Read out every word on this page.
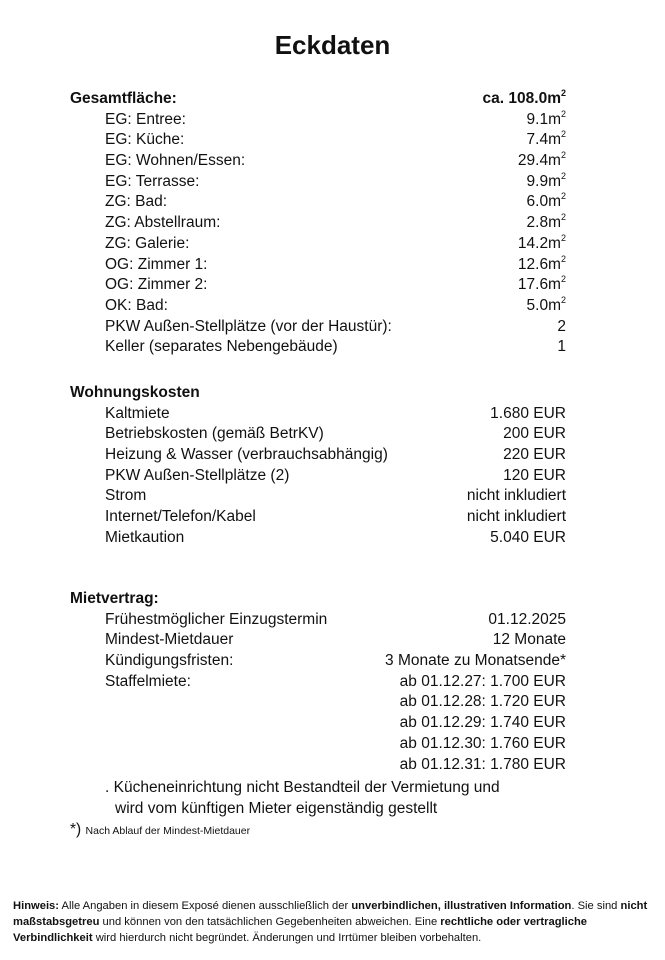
Eckdaten
Gesamtfläche:	ca. $108.0m^2$
EG: Entree:	$9.1m^2$
EG: Küche:	$7.4m^2$
EG: Wohnen/Essen:	$29.4m^2$
EG: Terrasse:	$9.9m^2$
ZG: Bad:	$6.0m^2$
ZG: Abstellraum:	$2.8m^2$
ZG: Galerie:	$14.2m^2$
OG: Zimmer 1:	$12.6m^2$
OG: Zimmer 2:	$17.6m^2$
OK: Bad:	$5.0m^2$
PKW Außen-Stellplätze (vor der Haustür):	2
Keller (separates Nebengebäude)	1
Wohnungskosten
Kaltmiete	1.680 EUR
Betriebskosten (gemäß BetrKV)	200 EUR
Heizung & Wasser (verbrauchsabhängig)	220 EUR
PKW Außen-Stellplätze (2)	120 EUR
Strom	nicht inkludiert
Internet/Telefon/Kabel	nicht inkludiert
Mietkaution	5.040 EUR
Mietvertrag:
Frühestmöglicher Einzugstermin	01.12.2025
Mindest-Mietdauer	12 Monate
Kündigungsfristen:	3 Monate zu Monatsende*
Staffelmiete:	ab 01.12.27: 1.700 EUR
ab 01.12.28: 1.720 EUR
ab 01.12.29: 1.740 EUR
ab 01.12.30: 1.760 EUR
ab 01.12.31: 1.780 EUR
. Kücheneinrichtung nicht Bestandteil der Vermietung und
wird vom künftigen Mieter eigenständig gestellt
*) Nach Ablauf der Mindest-Mietdauer
Hinweis: Alle Angaben in diesem Exposé dienen ausschließlich der unverbindlichen, illustrativen Information. Sie sind nicht maßstabsgetreu und können von den tatsächlichen Gegebenheiten abweichen. Eine rechtliche oder vertragliche Verbindlichkeit wird hierdurch nicht begründet. Änderungen und Irrtümer bleiben vorbehalten.
